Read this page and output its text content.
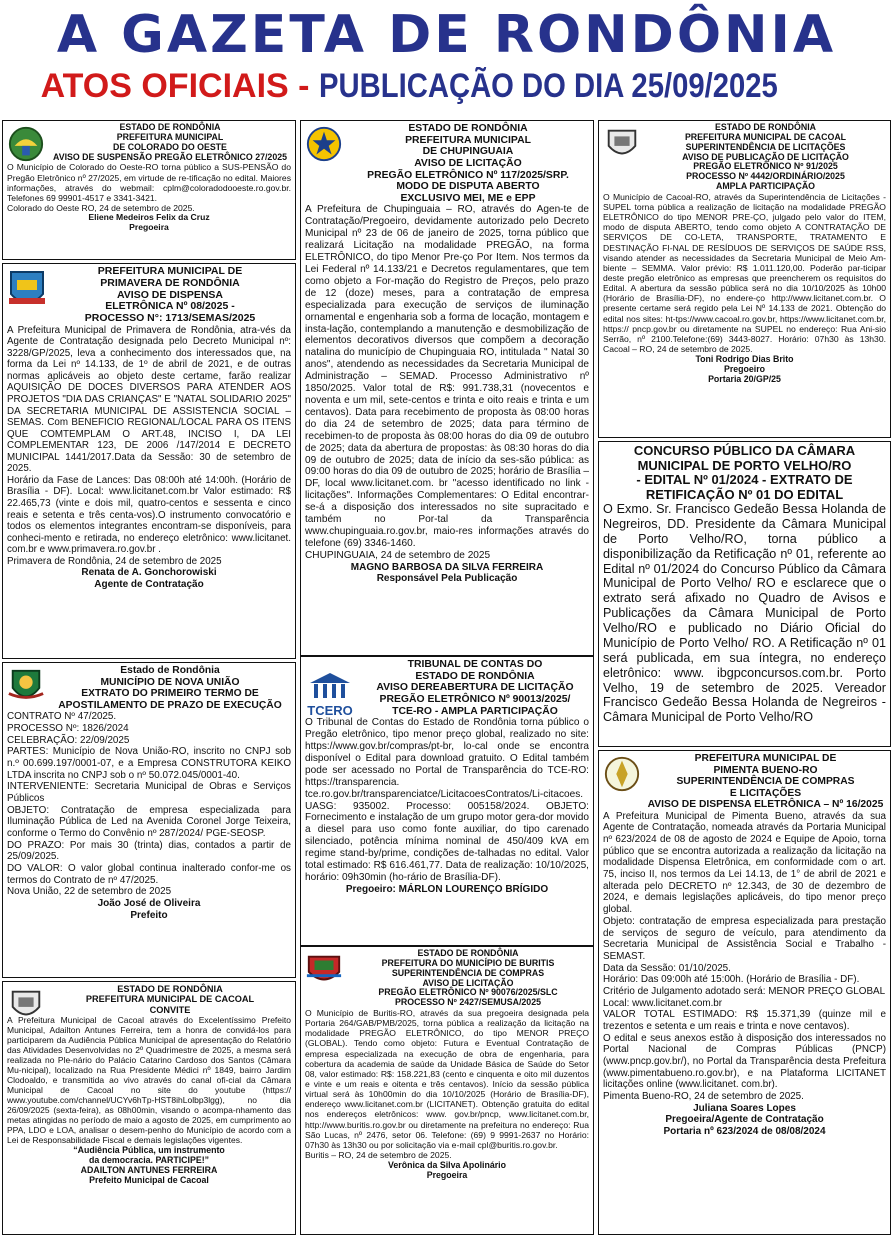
A GAZETA DE RONDÔNIA
ATOS OFICIAIS - PUBLICAÇÃO DO DIA 25/09/2025
ESTADO DE RONDÔNIA
PREFEITURA MUNICIPAL
DE COLORADO DO OESTE
AVISO DE SUSPENSÃO PREGÃO ELETRÔNICO 27/2025
O Município de Colorado do Oeste-RO torna público a SUS-PENSÃO do Pregão Eletrônico nº 27/2025, em virtude de re-tificação no edital. Maiores informações, através do webmail: cplm@coloradodooeste.ro.gov.br. Telefones 69 99901-4517 e 3341-3421.
Colorado do Oeste RO, 24 de setembro de 2025.
Eliene Medeiros Felix da Cruz
Pregoeira
PREFEITURA MUNICIPAL DE
PRIMAVERA DE RONDÔNIA
AVISO DE DISPENSA
ELETRÔNICA Nº 08/2025 -
PROCESSO N°: 1713/SEMAS/2025
A Prefeitura Municipal de Primavera de Rondônia, atra-vés da Agente de Contratação designada pelo Decreto Municipal nº: 3228/GP/2025, leva a conhecimento dos interessados que, na forma da Lei nº 14.133, de 1º de abril de 2021, e de outras normas aplicáveis ao objeto deste certame, farão realizar AQUISIÇÃO DE DOCES DIVERSOS PARA ATENDER AOS PROJETOS "DIA DAS CRIANÇAS" E "NATAL SOLIDARIO 2025" DA SECRETARIA MUNICIPAL DE ASSISTENCIA SOCIAL – SEMAS. Com BENEFICIO REGIONAL/LOCAL PARA OS ITENS QUE COMTEMPLAM O ART.48, INCISO I, DA LEI COMPLEMENTAR 123, DE 2006 /147/2014 E DECRETO MUNICIPAL 1441/2017.Data da Sessão: 30 de setembro de 2025.
Horário da Fase de Lances: Das 08:00h até 14:00h. (Horário de Brasília - DF). Local: www.licitanet.com.br Valor estimado: R$ 22.465,73 (vinte e dois mil, quatro-centos e sessenta e cinco reais e setenta e três centa-vos).O instrumento convocatório e todos os elementos integrantes encontram-se disponíveis, para conheci-mento e retirada, no endereço eletrônico: www.licitanet. com.br e www.primavera.ro.gov.br .
Primavera de Rondônia, 24 de setembro de 2025
Renata de A. Gonchorowiski
Agente de Contratação
Estado de Rondônia
MUNICÍPIO DE NOVA UNIÃO
EXTRATO DO PRIMEIRO TERMO DE
APOSTILAMENTO DE PRAZO DE EXECUÇÃO
CONTRATO Nº 47/2025.
PROCESSO Nº: 1826/2024
CELEBRAÇÃO: 22/09/2025
PARTES: Município de Nova União-RO, inscrito no CNPJ sob n.º 00.699.197/0001-07, e a Empresa CONSTRUTORA KEIKO LTDA inscrita no CNPJ sob o nº 50.072.045/0001-40.
INTERVENIENTE: Secretaria Municipal de Obras e Serviços Públicos
OBJETO: Contratação de empresa especializada para Iluminação Pública de Led na Avenida Coronel Jorge Teixeira, conforme o Termo do Convênio nº 287/2024/ PGE-SEOSP.
DO PRAZO: Por mais 30 (trinta) dias, contados a partir de 25/09/2025.
DO VALOR: O valor global continua inalterado confor-me os termos do Contrato de nº 47/2025.
Nova União, 22 de setembro de 2025
João José de Oliveira
Prefeito
ESTADO DE RONDÔNIA
PREFEITURA MUNICIPAL DE CACOAL
CONVITE
A Prefeitura Municipal de Cacoal através do Excelentíssimo Prefeito Municipal, Adailton Antunes Ferreira, tem a honra de convidá-los para participarem da Audiência Pública Municipal de apresentação do Relatório das Atividades Desenvolvidas no 2º Quadrimestre de 2025, a mesma será realizada no Ple-nário do Palácio Catarino Cardoso dos Santos (Câmara Mu-nicipal), localizado na Rua Presidente Médici nº 1849, bairro Jardim Clodoaldo, e transmitida ao vivo através do canal ofi-cial da Câmara Municipal de Cacoal no site do youtube (https:// www.youtube.com/channel/UCYv6hTp-HST8ihLolbp3lgg), no dia 26/09/2025 (sexta-feira), as 08h00min, visando o acompa-nhamento das metas atingidas no período de maio a agosto de 2025, em cumprimento ao PPA, LDO e LOA, analisar o desem-penho do Município de acordo com a Lei de Responsabilidade Fiscal e demais legislações vigentes.
“Audiência Pública, um instrumento
da democracia. PARTICIPE!”
ADAILTON ANTUNES FERREIRA
Prefeito Municipal de Cacoal
ESTADO DE RONDÔNIA
PREFEITURA MUNICIPAL
DE CHUPINGUAIA
AVISO DE LICITAÇÃO
PREGÃO ELETRÔNICO Nº 117/2025/SRP.
MODO DE DISPUTA ABERTO
EXCLUSIVO MEI, ME e EPP
A Prefeitura de Chupinguaia – RO, através do Agen-te de Contratação/Pregoeiro, devidamente autorizado pelo Decreto Municipal nº 23 de 06 de janeiro de 2025, torna público que realizará Licitação na modalidade PREGÃO, na forma ELETRÔNICO, do tipo Menor Pre-ço Por Item. Nos termos da Lei Federal nº 14.133/21 e Decretos regulamentares, que tem como objeto a For-mação do Registro de Preços, pelo prazo de 12 (doze) meses, para a contratação de empresa especializada para execução de serviços de iluminação ornamental e engenharia sob a forma de locação, montagem e insta-lação, contemplando a manutenção e desmobilização de elementos decorativos diversos que compõem a decoração natalina do município de Chupinguaia RO, intitulada " Natal 30 anos", atendendo as necessidades da Secretaria Municipal de Administração – SEMAD. Processo Administrativo nº 1850/2025. Valor total de R$: 991.738,31 (novecentos e noventa e um mil, sete-centos e trinta e oito reais e trinta e um centavos). Data para recebimento de proposta às 08:00 horas do dia 24 de setembro de 2025; data para término de recebimen-to de proposta às 08:00 horas do dia 09 de outubro de 2025; data da abertura de propostas: às 08:30 horas do dia 09 de outubro de 2025; data de início da ses-são pública: as 09:00 horas do dia 09 de outubro de 2025; horário de Brasília – DF, local www.licitanet.com. br "acesso identificado no link - licitações". Informações Complementares: O Edital encontrar-se-á a disposição dos interessados no site supracitado e também no Por-tal da Transparência www.chupinguaia.ro.gov.br, maio-res informações através do telefone (69) 3346-1460.
CHUPINGUAIA, 24 de setembro de 2025
MAGNO BARBOSA DA SILVA FERREIRA
Responsável Pela Publicação
TCERO
TRIBUNAL DE CONTAS DO
ESTADO DE RONDÔNIA
AVISO DEREABERTURA DE LICITAÇÃO
PREGÃO ELETRÔNICO Nº 90013/2025/
TCE-RO - AMPLA PARTICIPAÇÃO
O Tribunal de Contas do Estado de Rondônia torna público o Pregão eletrônico, tipo menor preço global, realizado no site: https://www.gov.br/compras/pt-br, lo-cal onde se encontra disponível o Edital para download gratuito. O Edital também pode ser acessado no Portal de Transparência do TCE-RO: https://transparencia. tce.ro.gov.br/transparenciatce/LicitacoesContratos/Li-citacoes.
UASG: 935002. Processo: 005158/2024. OBJETO: Fornecimento e instalação de um grupo motor gera-dor movido a diesel para uso como fonte auxiliar, do tipo carenado silenciado, potência mínima nominal de 450/409 kVA em regime stand-by/prime, condições de-talhadas no edital. Valor total estimado: R$ 616.461,77. Data de realização: 10/10/2025, horário: 09h30min (ho-rário de Brasília-DF).
Pregoeiro: MÁRLON LOURENÇO BRÍGIDO
ESTADO DE RONDÔNIA
PREFEITURA DO MUNICÍPIO DE BURITIS
SUPERINTENDÊNCIA DE COMPRAS
AVISO DE LICITAÇÃO
PREGÃO ELETRÔNICO Nº 90076/2025/SLC
PROCESSO Nº 2427/SEMUSA/2025
O Município de Buritis-RO, através da sua pregoeira designada pela Portaria 264/GAB/PMB/2025, torna pública a realização da licitação na modalidade PREGÃO ELETRÔNICO, do tipo MENOR PREÇO (GLOBAL). Tendo como objeto: Futura e Eventual Contratação de empresa especializada na execução de obra de engenharia, para cobertura da academia de saúde da Unidade Básica de Saúde do Setor 08, valor estimado: R$: 158.221,83 (cento e cinquenta e oito mil duzentos e vinte e um reais e oitenta e três centavos). Início da sessão pública virtual será às 10h00min do dia 10/10/2025 (Horário de Brasília-DF), endereço www.licitanet.com.br (LICITANET). Obtenção gratuita do edital nos endereços eletrônicos: www. gov.br/pncp, www.licitanet.com.br, http://www.buritis.ro.gov.br ou diretamente na prefeitura no endereço: Rua São Lucas, nº 2476, setor 06. Telefone: (69) 9 9991-2637 no Horário: 07h30 às 13h30 ou por solicitação via e-mail cpl@buritis.ro.gov.br.
Buritis – RO, 24 de setembro de 2025.
Verônica da Silva Apolinário
Pregoeira
ESTADO DE RONDÔNIA
PREFEITURA MUNICIPAL DE CACOAL
SUPERINTENDÊNCIA DE LICITAÇÕES
AVISO DE PUBLICAÇÃO DE LICITAÇÃO
PREGÃO ELETRÔNICO Nº 91/2025
PROCESSO Nº 4442/ORDINÁRIO/2025
AMPLA PARTICIPAÇÃO
O Município de Cacoal-RO, através da Superintendência de Licitações - SUPEL torna pública a realização de licitação na modalidade PREGÃO ELETRÔNICO do tipo MENOR PRE-ÇO, julgado pelo valor do ITEM, modo de disputa ABERTO, tendo como objeto A CONTRATAÇÃO DE SERVIÇOS DE CO-LETA, TRANSPORTE, TRATAMENTO E DESTINAÇÃO FI-NAL DE RESÍDUOS DE SERVIÇOS DE SAÚDE RSS, visando atender as necessidades da Secretaria Municipal de Meio Am-biente – SEMMA. Valor prévio: R$ 1.011.120,00. Poderão par-ticipar deste pregão eletrônico as empresas que preencherem os requisitos do Edital. A abertura da sessão pública será no dia 10/10/2025 às 10h00 (Horário de Brasília-DF), no endere-ço http://www.licitanet.com.br. O presente certame será regido pela Lei Nº 14.133 de 2021. Obtenção do edital nos sites: ht-tps://www.cacoal.ro.gov.br, https://www.licitanet.com.br, https:// pncp.gov.br ou diretamente na SUPEL no endereço: Rua Ani-sio Serrão, nº 2100.Telefone:(69) 3443-8027. Horário: 07h30 às 13h30. Cacoal – RO, 24 de setembro de 2025.
Toni Rodrigo Dias Brito
Pregoeiro
Portaria 20/GP/25
CONCURSO PÚBLICO DA CÂMARA
MUNICIPAL DE PORTO VELHO/RO
- EDITAL Nº 01/2024 - EXTRATO DE
RETIFICAÇÃO Nº 01 DO EDITAL
O Exmo. Sr. Francisco Gedeão Bessa Holanda de Negreiros, DD. Presidente da Câmara Municipal de Porto Velho/RO, torna público a disponibilização da Retificação nº 01, referente ao Edital nº 01/2024 do Concurso Público da Câmara Municipal de Porto Velho/ RO e esclarece que o extrato será afixado no Quadro de Avisos e Publicações da Câmara Municipal de Porto Velho/RO e publicado no Diário Oficial do Município de Porto Velho/ RO. A Retificação nº 01 será publicada, em sua íntegra, no endereço eletrônico: www. ibgpconcursos.com.br. Porto Velho, 19 de setembro de 2025. Vereador Francisco Gedeão Bessa Holanda de Negreiros - Câmara Municipal de Porto Velho/RO
PREFEITURA MUNICIPAL DE
PIMENTA BUENO-RO
SUPERINTENDÊNCIA DE COMPRAS
E LICITAÇÕES
AVISO DE DISPENSA ELETRÔNICA – Nº 16/2025
A Prefeitura Municipal de Pimenta Bueno, através da sua Agente de Contratação, nomeada através da Portaria Municipal nº 623/2024 de 08 de agosto de 2024 e Equipe de Apoio, torna público que se encontra autorizada a realização da licitação na modalidade Dispensa Eletrônica, em conformidade com o art. 75, inciso II, nos termos da Lei 14.13, de 1° de abril de 2021 e alterada pelo DECRETO nº 12.343, de 30 de dezembro de 2024, e demais legislações aplicáveis, do tipo menor preço global.
Objeto: contratação de empresa especializada para prestação de serviços de seguro de veículo, para atendimento da Secretaria Municipal de Assistência Social e Trabalho - SEMAST.
Data da Sessão: 01/10/2025.
Horário: Das 09:00h até 15:00h. (Horário de Brasília - DF).
Critério de Julgamento adotado será: MENOR PREÇO GLOBAL
Local: www.licitanet.com.br
VALOR TOTAL ESTIMADO: R$ 15.371,39 (quinze mil e trezentos e setenta e um reais e trinta e nove centavos).
O edital e seus anexos estão à disposição dos interessados no Portal Nacional de Compras Públicas (PNCP) (www.pncp.gov.br/), no Portal da Transparência desta Prefeitura (www.pimentabueno.ro.gov.br), e na Plataforma LICITANET licitações online (www.licitanet. com.br).
Pimenta Bueno-RO, 24 de setembro de 2025.
Juliana Soares Lopes
Pregoeira/Agente de Contratação
Portaria nº 623/2024 de 08/08/2024
